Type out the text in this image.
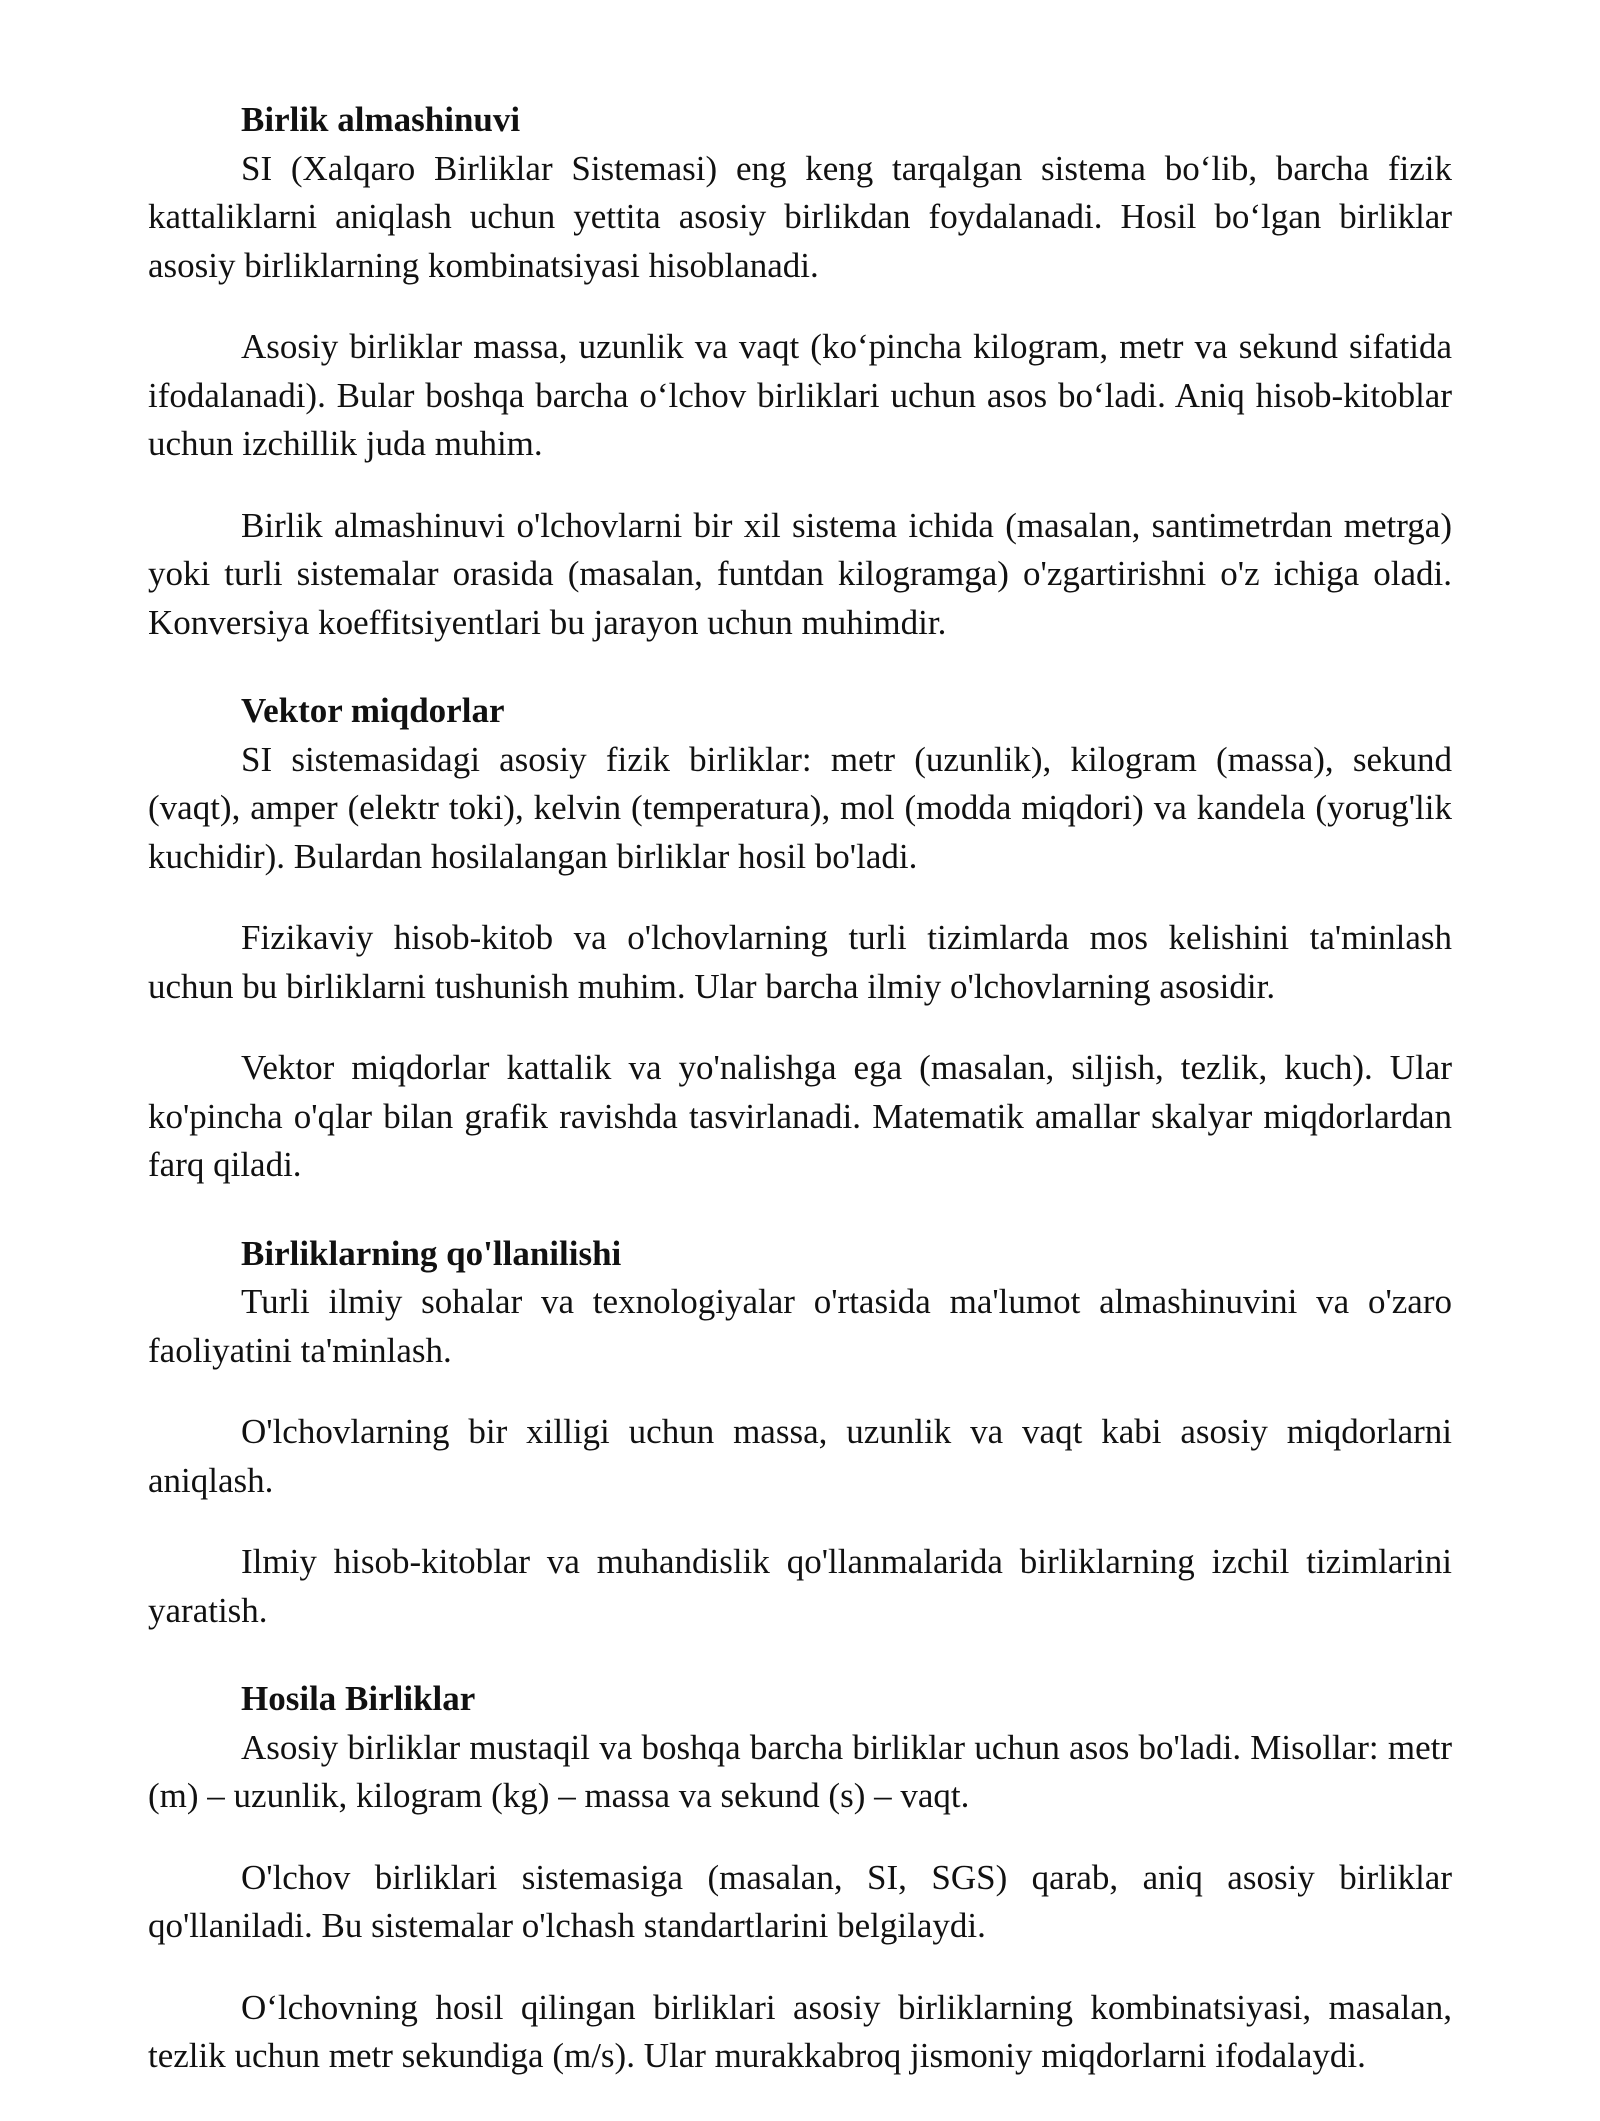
Birlik almashinuvi

SI (Xalqaro Birliklar Sistemasi) eng keng tarqalgan sistema bo‘lib, barcha fizik kattaliklarni aniqlash uchun yettita asosiy birlikdan foydalanadi. Hosil bo‘lgan birliklar asosiy birliklarning kombinatsiyasi hisoblanadi.

Asosiy birliklar massa, uzunlik va vaqt (ko‘pincha kilogram, metr va sekund sifatida ifodalanadi). Bular boshqa barcha o‘lchov birliklari uchun asos bo‘ladi. Aniq hisob-kitoblar uchun izchillik juda muhim.

Birlik almashinuvi o'lchovlarni bir xil sistema ichida (masalan, santimetrdan metrga) yoki turli sistemalar orasida (masalan, funtdan kilogramga) o'zgartirishni o'z ichiga oladi. Konversiya koeffitsiyentlari bu jarayon uchun muhimdir.

Vektor miqdorlar

SI sistemasidagi asosiy fizik birliklar: metr (uzunlik), kilogram (massa), sekund (vaqt), amper (elektr toki), kelvin (temperatura), mol (modda miqdori) va kandela (yorug'lik kuchidir). Bulardan hosilalangan birliklar hosil bo'ladi.

Fizikaviy hisob-kitob va o'lchovlarning turli tizimlarda mos kelishini ta'minlash uchun bu birliklarni tushunish muhim. Ular barcha ilmiy o'lchovlarning asosidir.

Vektor miqdorlar kattalik va yo'nalishga ega (masalan, siljish, tezlik, kuch). Ular ko'pincha o'qlar bilan grafik ravishda tasvirlanadi. Matematik amallar skalyar miqdorlardan farq qiladi.

Birliklarning qo'llanilishi

Turli ilmiy sohalar va texnologiyalar o'rtasida ma'lumot almashinuvini va o'zaro faoliyatini ta'minlash.

O'lchovlarning bir xilligi uchun massa, uzunlik va vaqt kabi asosiy miqdorlarni aniqlash.

Ilmiy hisob-kitoblar va muhandislik qo'llanmalarida birliklarning izchil tizimlarini yaratish.

Hosila Birliklar

Asosiy birliklar mustaqil va boshqa barcha birliklar uchun asos bo'ladi. Misollar: metr (m) – uzunlik, kilogram (kg) – massa va sekund (s) – vaqt.

O'lchov birliklari sistemasiga (masalan, SI, SGS) qarab, aniq asosiy birliklar qo'llaniladi. Bu sistemalar o'lchash standartlarini belgilaydi.

O‘lchovning hosil qilingan birliklari asosiy birliklarning kombinatsiyasi, masalan, tezlik uchun metr sekundiga (m/s). Ular murakkabroq jismoniy miqdorlarni ifodalaydi.
